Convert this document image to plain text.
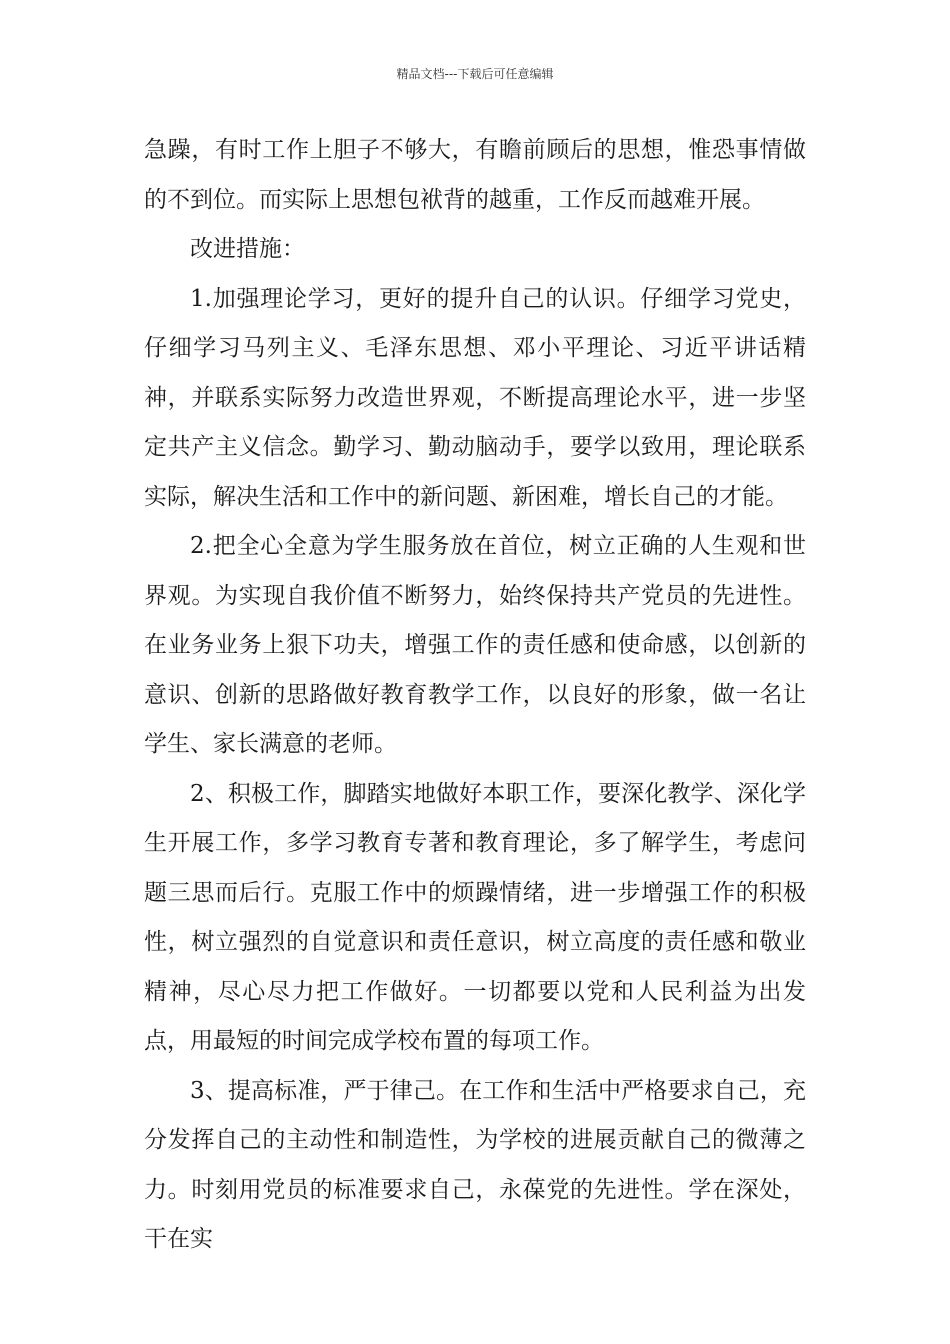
精品文档---下载后可任意编辑

急躁，有时工作上胆子不够大，有瞻前顾后的思想，惟恐事情做的不到位。而实际上思想包袱背的越重，工作反而越难开展。

改进措施：

1.加强理论学习，更好的提升自己的认识。仔细学习党史，仔细学习马列主义、毛泽东思想、邓小平理论、习近平讲话精神，并联系实际努力改造世界观，不断提高理论水平，进一步坚定共产主义信念。勤学习、勤动脑动手，要学以致用，理论联系实际，解决生活和工作中的新问题、新困难，增长自己的才能。

2.把全心全意为学生服务放在首位，树立正确的人生观和世界观。为实现自我价值不断努力，始终保持共产党员的先进性。在业务业务上狠下功夫，增强工作的责任感和使命感，以创新的意识、创新的思路做好教育教学工作，以良好的形象，做一名让学生、家长满意的老师。

2、积极工作，脚踏实地做好本职工作，要深化教学、深化学生开展工作，多学习教育专著和教育理论，多了解学生，考虑问题三思而后行。克服工作中的烦躁情绪，进一步增强工作的积极性，树立强烈的自觉意识和责任意识，树立高度的责任感和敬业精神，尽心尽力把工作做好。一切都要以党和人民利益为出发点，用最短的时间完成学校布置的每项工作。

3、提高标准，严于律己。在工作和生活中严格要求自己，充分发挥自己的主动性和制造性，为学校的进展贡献自己的微薄之力。时刻用党员的标准要求自己，永葆党的先进性。学在深处，干在实
